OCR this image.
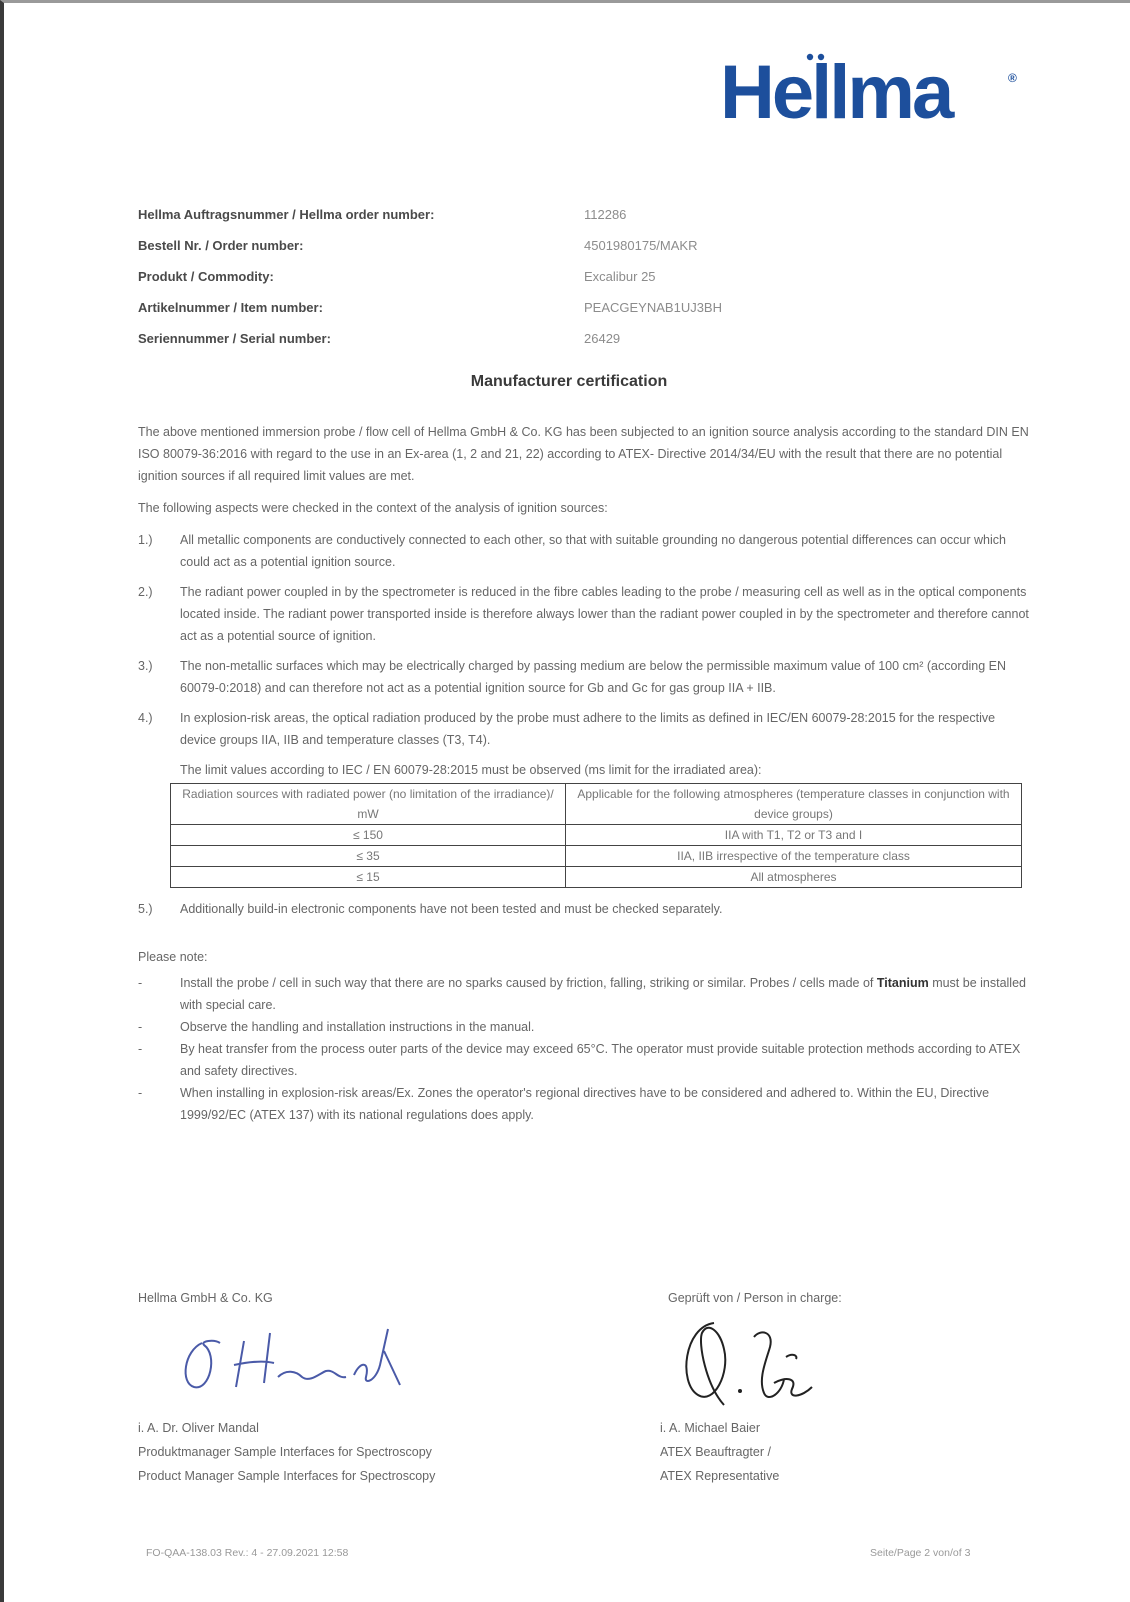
Hellma	®
Hellma Auftragsnummer / Hellma order number:	112286
Bestell Nr. / Order number:	4501980175/MAKR
Produkt / Commodity:	Excalibur 25
Artikelnummer / Item number:	PEACGEYNAB1UJ3BH
Seriennummer / Serial number:	26429
Manufacturer certification

The above mentioned immersion probe / flow cell of Hellma GmbH & Co. KG has been subjected to an ignition source analysis according to the standard DIN EN ISO 80079-36:2016 with regard to the use in an Ex-area (1, 2 and 21, 22) according to ATEX- Directive 2014/34/EU with the result that there are no potential ignition sources if all required limit values are met.

The following aspects were checked in the context of the analysis of ignition sources:

1.)	All metallic components are conductively connected to each other, so that with suitable grounding no dangerous potential differences can occur which could act as a potential ignition source.
2.)	The radiant power coupled in by the spectrometer is reduced in the fibre cables leading to the probe / measuring cell as well as in the optical components located inside. The radiant power transported inside is therefore always lower than the radiant power coupled in by the spectrometer and therefore cannot act as a potential source of ignition.
3.)	The non-metallic surfaces which may be electrically charged by passing medium are below the permissible maximum value of 100 cm² (according EN 60079-0:2018) and can therefore not act as a potential ignition source for Gb and Gc for gas group IIA + IIB.
4.)	In explosion-risk areas, the optical radiation produced by the probe must adhere to the limits as defined in IEC/EN 60079-28:2015 for the respective device groups IIA, IIB and temperature classes (T3, T4).
The limit values according to IEC / EN 60079-28:2015 must be observed (ms limit for the irradiated area):
Radiation sources with radiated power (no limitation of the irradiance)/ mW	Applicable for the following atmospheres (temperature classes in conjunction with device groups)
≤ 150	IIA with T1, T2 or T3 and I
≤ 35	IIA, IIB irrespective of the temperature class
≤ 15	All atmospheres
5.)	Additionally build-in electronic components have not been tested and must be checked separately.
Please note:
-	Install the probe / cell in such way that there are no sparks caused by friction, falling, striking or similar. Probes / cells made of Titanium must be installed with special care.
-	Observe the handling and installation instructions in the manual.
-	By heat transfer from the process outer parts of the device may exceed 65°C. The operator must provide suitable protection methods according to ATEX and safety directives.
-	When installing in explosion-risk areas/Ex. Zones the operator's regional directives have to be considered and adhered to. Within the EU, Directive 1999/92/EC (ATEX 137) with its national regulations does apply.
Hellma GmbH & Co. KG	Geprüft von / Person in charge:
i. A. Dr. Oliver Mandal
Produktmanager Sample Interfaces for Spectroscopy
Product Manager Sample Interfaces for Spectroscopy
i. A. Michael Baier
ATEX Beauftragter /
ATEX Representative
FO-QAA-138.03 Rev.: 4 - 27.09.2021 12:58	Seite/Page 2 von/of 3
